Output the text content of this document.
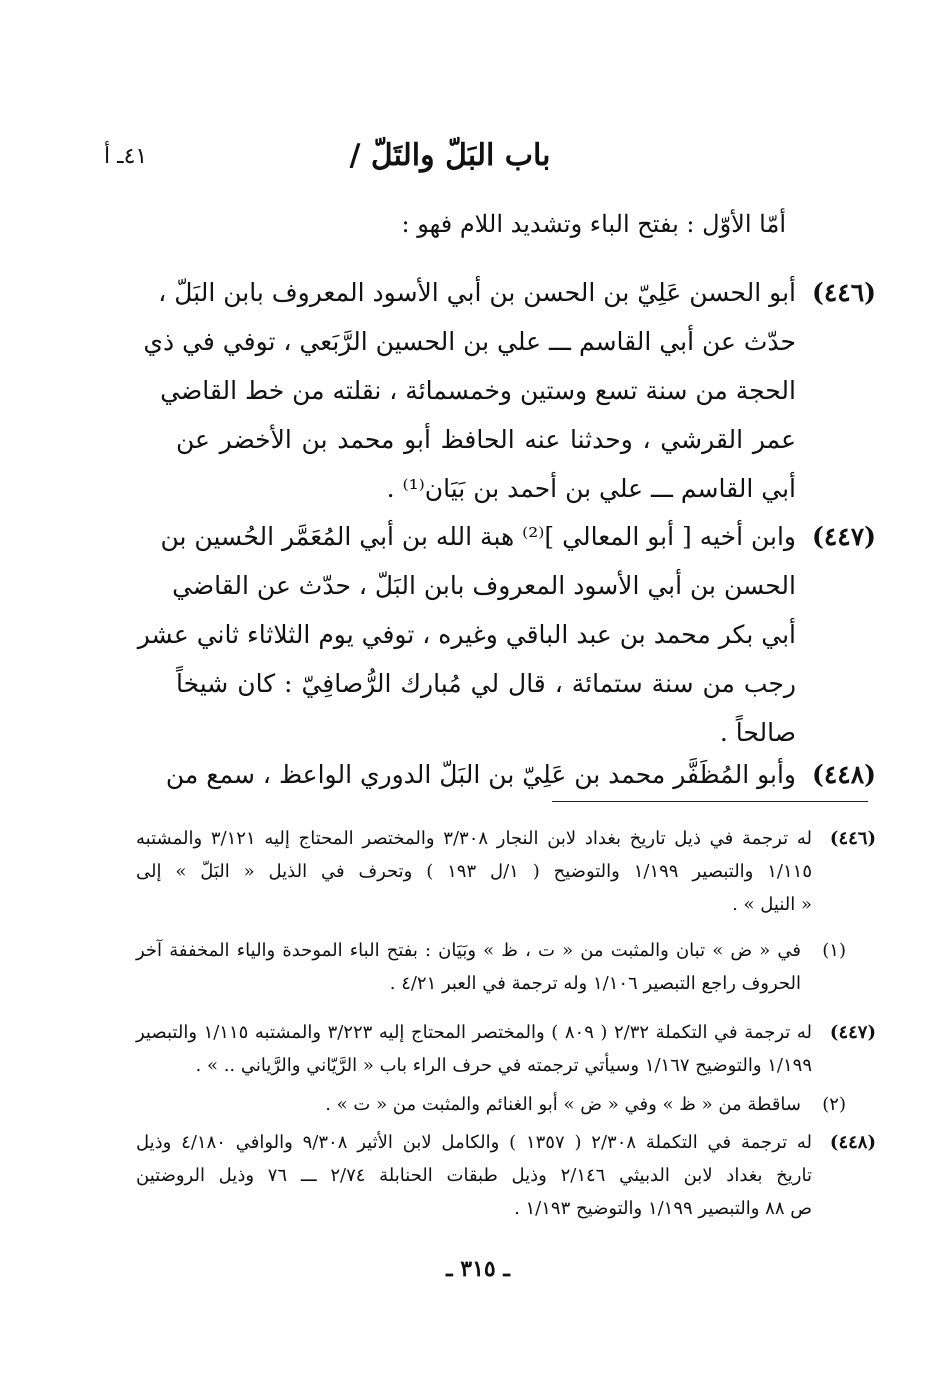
باب البَلّ والتَلّ /
٤١ـ أ
أمّا الأوّل : بفتح الباء وتشديد اللام فهو :
(٤٤٦)
أبو الحسن عَلِيّ بن الحسن بن أبي الأسود المعروف بابن البَلّ ،
حدّث عن أبي القاسم ـــ علي بن الحسين الرَّبَعي ، توفي في ذي
الحجة من سنة تسع وستين وخمسمائة ، نقلته من خط القاضي
عمر القرشي ، وحدثنا عنه الحافظ أبو محمد بن الأخضر عن
أبي القاسم ـــ علي بن أحمد بن بَيَان⁽¹⁾ .
(٤٤٧)
وابن أخيه [ أبو المعالي ]⁽²⁾ هبة الله بن أبي المُعَمَّر الحُسين بن
الحسن بن أبي الأسود المعروف بابن البَلّ ، حدّث عن القاضي
أبي بكر محمد بن عبد الباقي وغيره ، توفي يوم الثلاثاء ثاني عشر
رجب من سنة ستمائة ، قال لي مُبارك الرُّصافِيّ : كان شيخاً
صالحاً .
(٤٤٨)
وأبو المُظَفَّر محمد بن عَلِيّ بن البَلّ الدوري الواعظ ، سمع من
(٤٤٦)
له ترجمة في ذيل تاريخ بغداد لابن النجار ٣/٣٠٨ والمختصر المحتاج إليه ٣/١٢١ والمشتبه
١/١١٥ والتبصير ١/١٩٩ والتوضيح ( ١/ل ١٩٣ ) وتحرف في الذيل « البَلّ » إلى
« النيل » .
(١)
في « ض » تبان والمثبت من « ت ، ظ » وبَيَان : بفتح الباء الموحدة والياء المخففة آخر
الحروف راجع التبصير ١/١٠٦ وله ترجمة في العبر ٤/٢١ .
(٤٤٧)
له ترجمة في التكملة ٢/٣٢ ( ٨٠٩ ) والمختصر المحتاج إليه ٣/٢٢٣ والمشتبه ١/١١٥ والتبصير
١/١٩٩ والتوضيح ١/١٦٧ وسيأتي ترجمته في حرف الراء باب « الرَّيّاني والرَّياني .. » .
(٢)
ساقطة من « ظ » وفي « ض » أبو الغنائم والمثبت من « ت » .
(٤٤٨)
له ترجمة في التكملة ٢/٣٠٨ ( ١٣٥٧ ) والكامل لابن الأثير ٩/٣٠٨ والوافي ٤/١٨٠ وذيل
تاريخ بغداد لابن الدبيثي ٢/١٤٦ وذيل طبقات الحنابلة ٢/٧٤ ـــ ٧٦ وذيل الروضتين
ص ٨٨ والتبصير ١/١٩٩ والتوضيح ١/١٩٣ .
ـ ٣١٥ ـ
